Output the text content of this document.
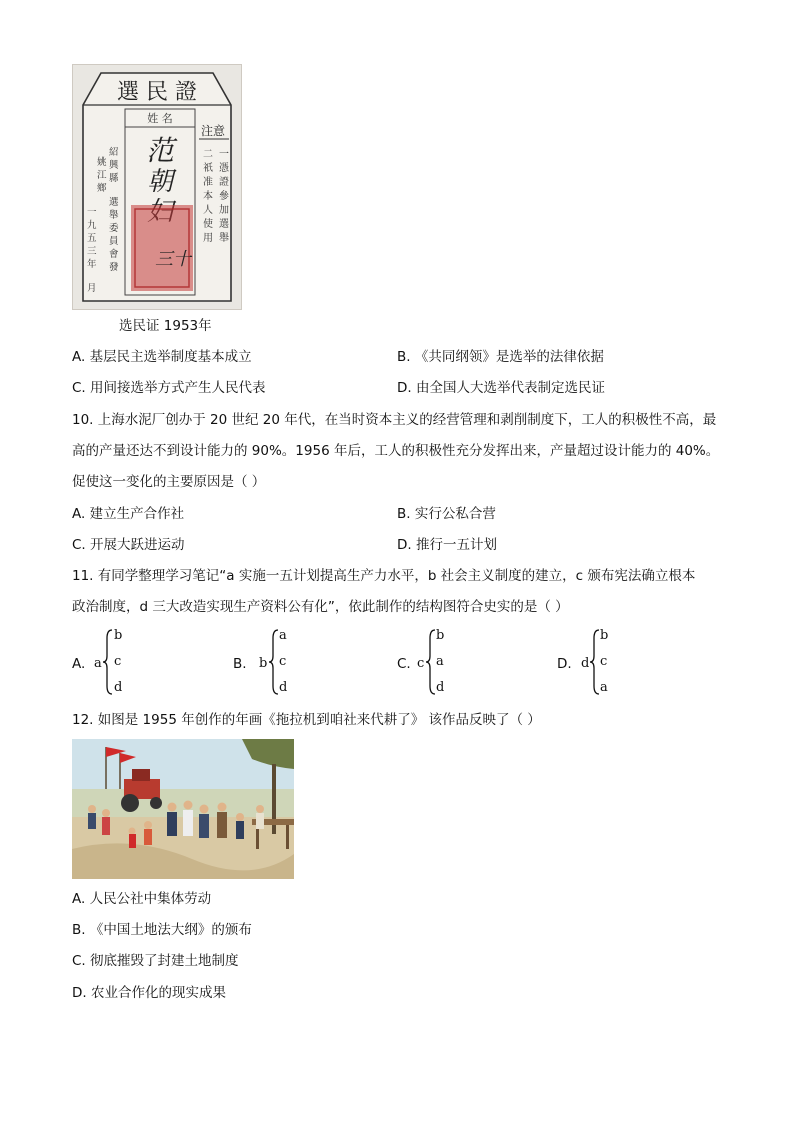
選 民 證
姓 名
范
朝
三十
注意
一
憑
證
參
加
選
舉
二
祇
准
本
人
使
用
紹
興
縣
姚
江
鄉
一
九
五
三
年
月
選
舉
委
員
會
發
选民证 1953年
A. 基层民主选举制度基本成立	B. 《共同纲领》是选举的法律依据
C. 用间接选举方式产生人民代表	D. 由全国人大选举代表制定选民证
10. 上海水泥厂创办于 20 世纪 20 年代，在当时资本主义的经营管理和剥削制度下，工人的积极性不高，最
高的产量还达不到设计能力的 90%。1956 年后，工人的积极性充分发挥出来，产量超过设计能力的 40%。
促使这一变化的主要原因是（ ）
A. 建立生产合作社	B. 实行公私合营
C. 开展大跃进运动	D. 推行一五计划
11. 有同学整理学习笔记“a 实施一五计划提高生产力水平，b 社会主义制度的建立，c 颁布宪法确立根本
政治制度，d 三大改造实现生产资料公有化”，依此制作的结构图符合史实的是（ ）
A. a
b
c
d
B. b
a
c
d
C. c
b
a
d
D. d
b
c
a
12. 如图是 1955 年创作的年画《拖拉机到咱社来代耕了》 该作品反映了（ ）
A. 人民公社中集体劳动
B. 《中国土地法大纲》的颁布
C. 彻底摧毁了封建土地制度
D. 农业合作化的现实成果
